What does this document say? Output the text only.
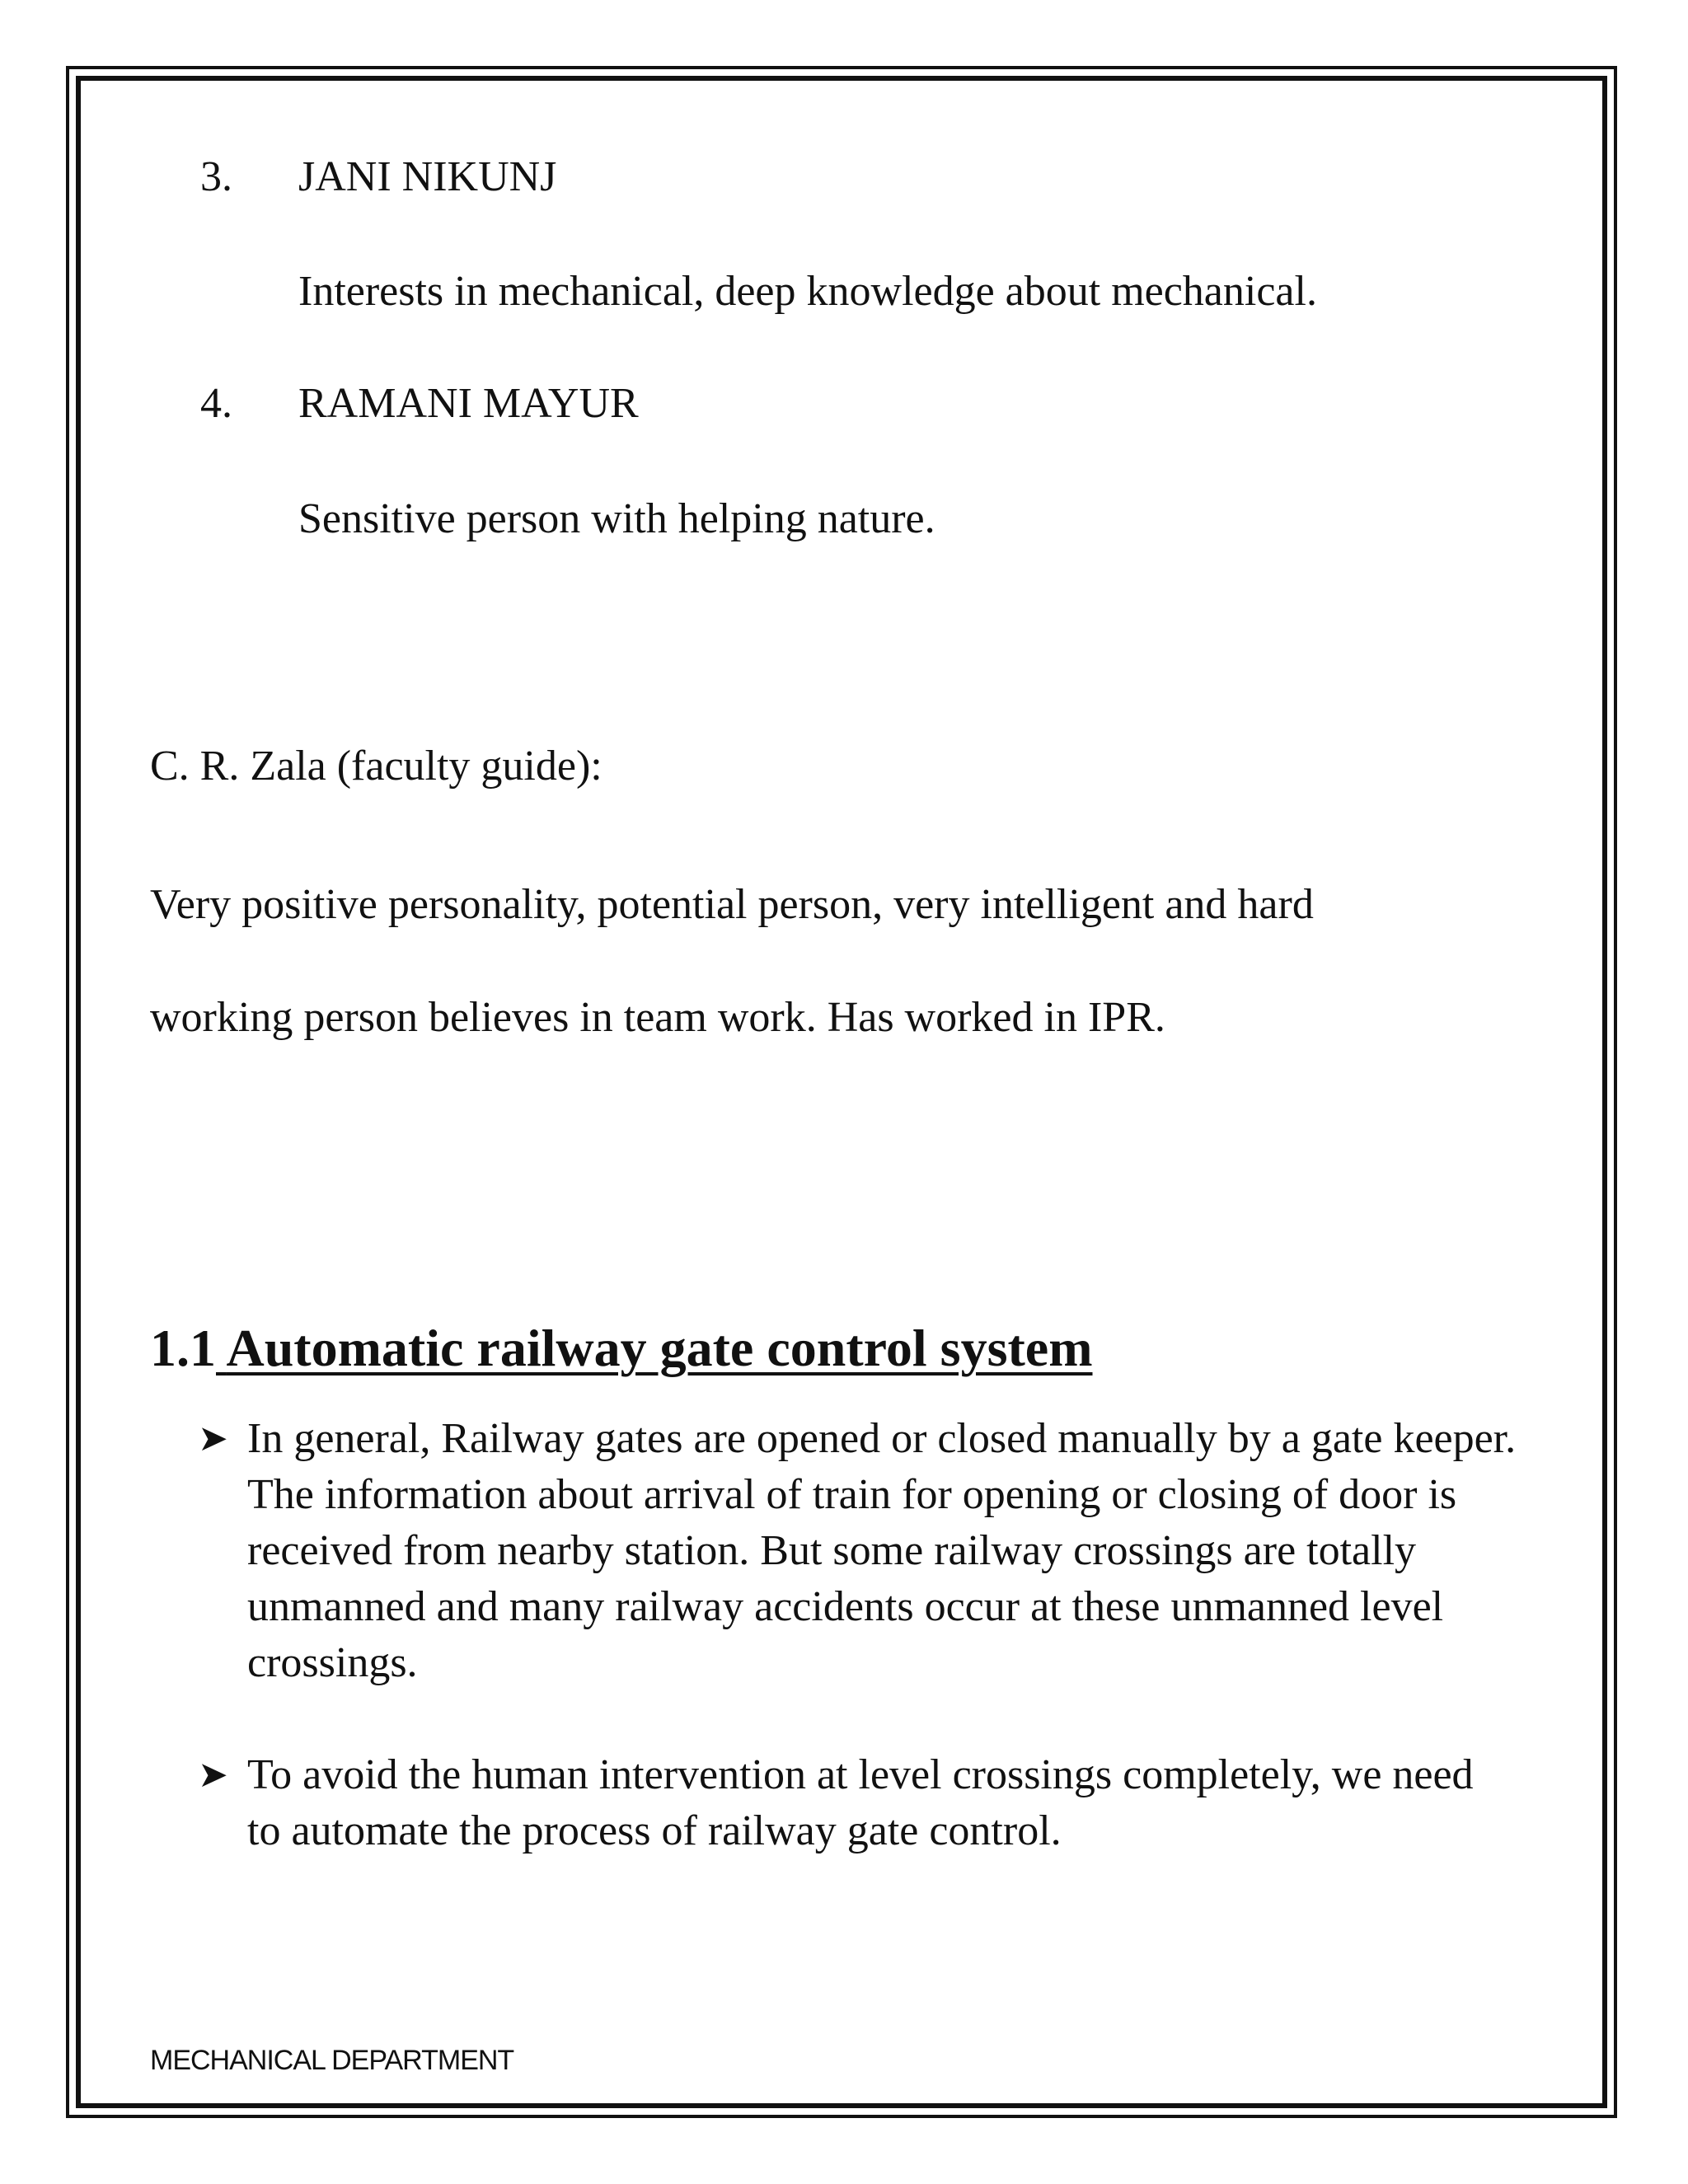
3. JANI NIKUNJ
Interests in mechanical, deep knowledge about mechanical.
4. RAMANI MAYUR
Sensitive person with helping nature.
C. R. Zala (faculty guide):
Very positive personality, potential person, very intelligent and hard
working person believes in team work. Has worked in IPR.
1.1 Automatic railway gate control system
➤ In general, Railway gates are opened or closed manually by a gate keeper. The information about arrival of train for opening or closing of door is received from nearby station. But some railway crossings are totally unmanned and many railway accidents occur at these unmanned level crossings.
➤ To avoid the human intervention at level crossings completely, we need to automate the process of railway gate control.
MECHANICAL DEPARTMENT
